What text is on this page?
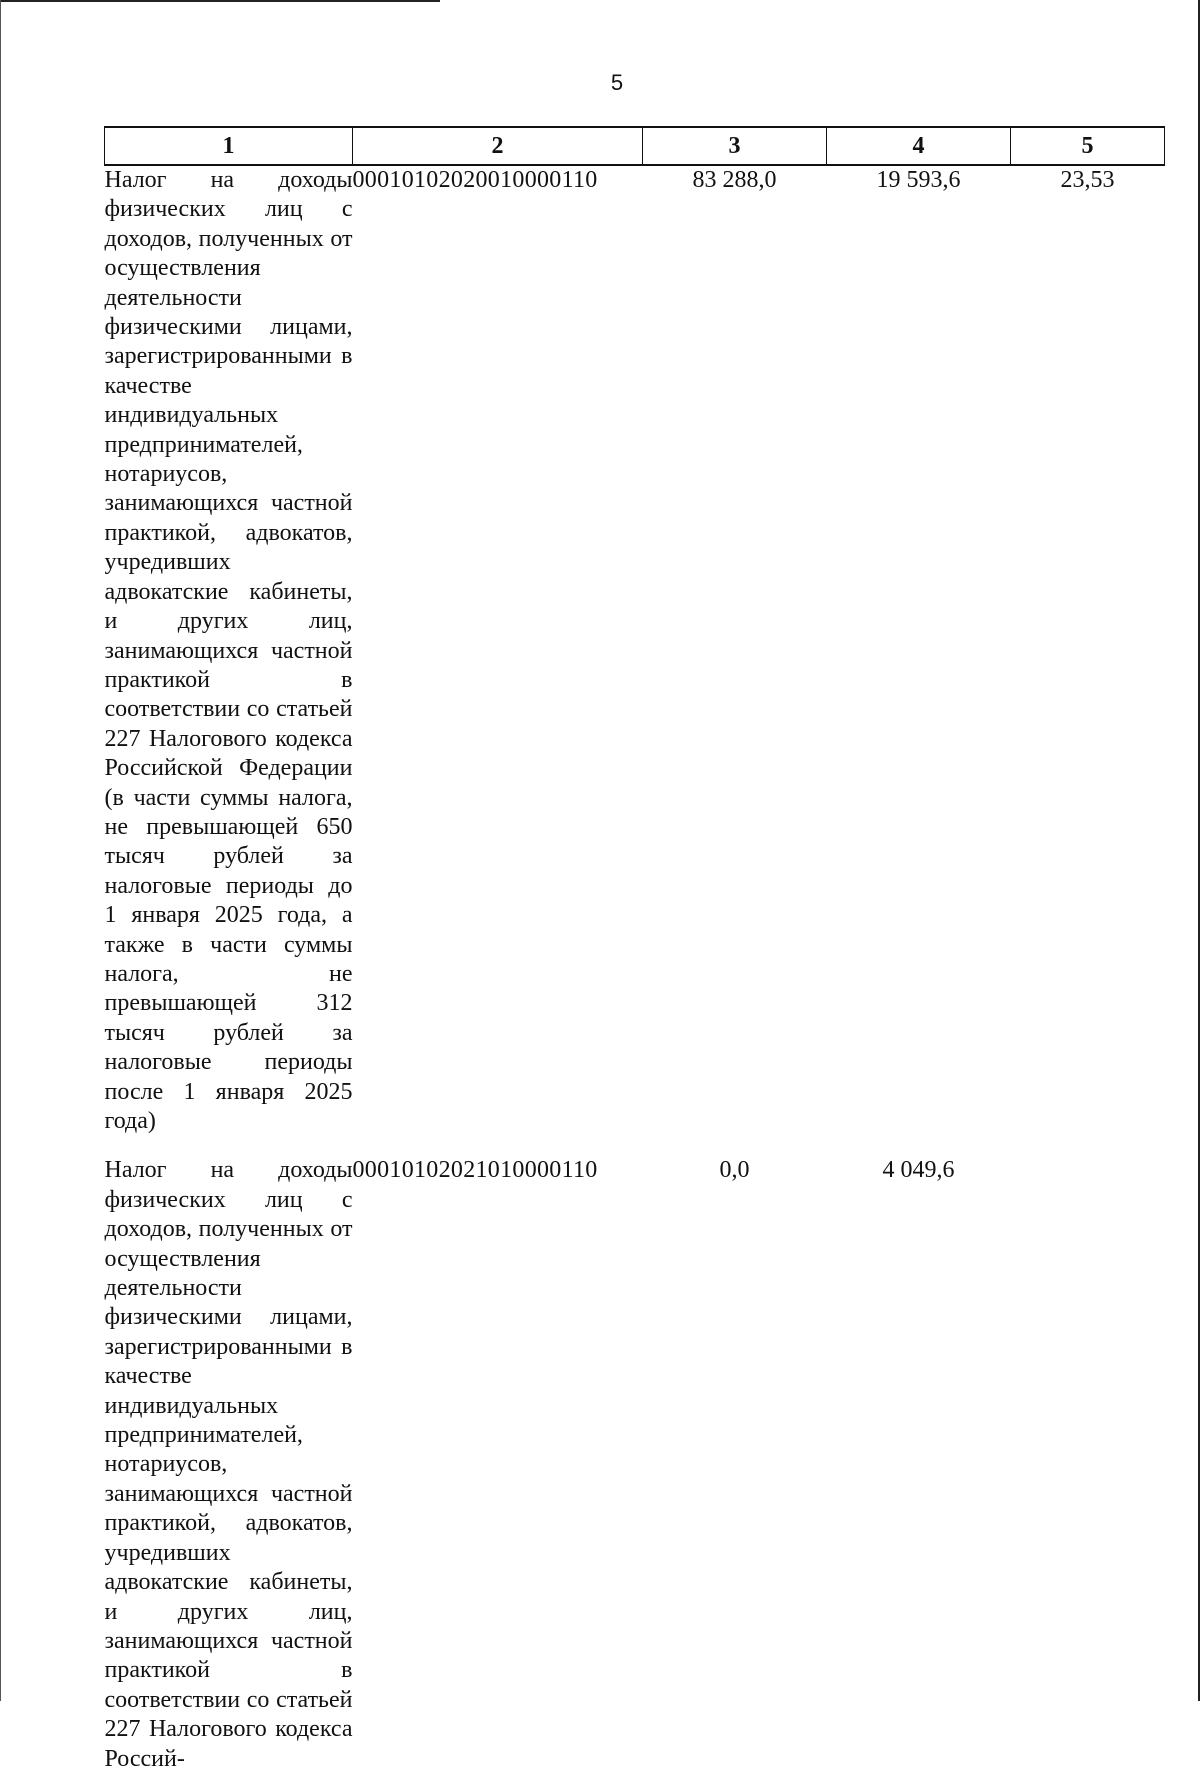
5
1	2	3	4	5
Налог на доходы физических лиц с доходов, полученных от осуществления деятельности физическими лицами, зарегистрированными в качестве индивидуальных предпринимателей, нотариусов, занимающихся частной практикой, адвокатов, учредивших адвокатские кабинеты, и других лиц, занимающихся частной практикой в соответствии со статьей 227 Налогового кодекса Российской Федерации (в части суммы налога, не превышающей 650 тысяч рублей за налоговые периоды до 1 января 2025 года, а также в части суммы налога, не превышающей 312 тысяч рублей за налоговые периоды после 1 января 2025 года)	00010102020010000110	83 288,0	19 593,6	23,53

Налог на доходы физических лиц с доходов, полученных от осуществления деятельности физическими лицами, зарегистрированными в качестве индивидуальных предпринимателей, нотариусов, занимающихся частной практикой, адвокатов, учредивших адвокатские кабинеты, и других лиц, занимающихся частной практикой в соответствии со статьей 227 Налогового кодекса Россий-	00010102021010000110	0,0	4 049,6	
